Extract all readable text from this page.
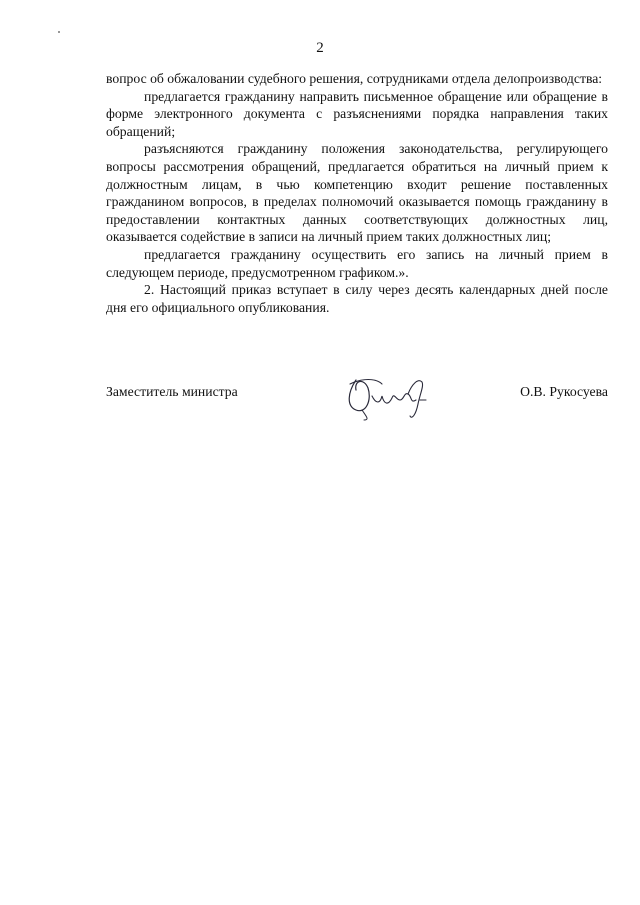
2

вопрос об обжаловании судебного решения, сотрудниками отдела делопроизводства:

предлагается гражданину направить письменное обращение или обращение в форме электронного документа с разъяснениями порядка направления таких обращений;

разъясняются гражданину положения законодательства, регулирующего вопросы рассмотрения обращений, предлагается обратиться на личный прием к должностным лицам, в чью компетенцию входит решение поставленных гражданином вопросов, в пределах полномочий оказывается помощь гражданину в предоставлении контактных данных соответствующих должностных лиц, оказывается содействие в записи на личный прием таких должностных лиц;

предлагается гражданину осуществить его запись на личный прием в следующем периоде, предусмотренном графиком.».

2. Настоящий приказ вступает в силу через десять календарных дней после дня его официального опубликования.

Заместитель министра	О.В. Рукосуева
